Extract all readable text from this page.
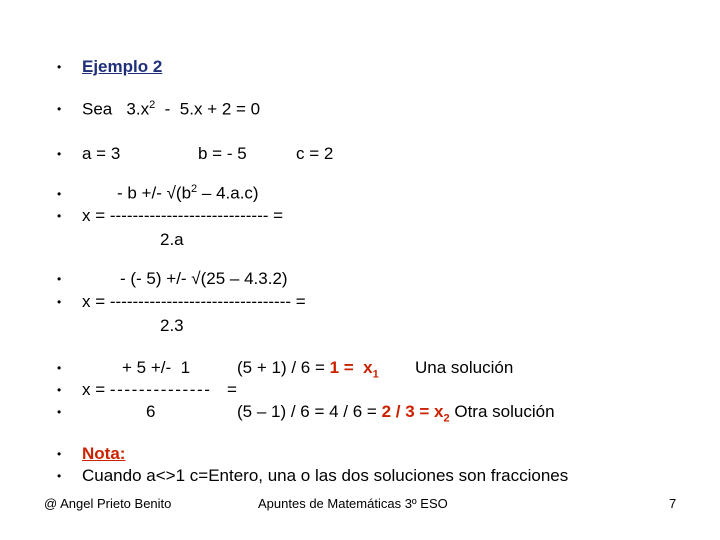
•
•
•
•
•
•
•
•
•
•
•
•
Ejemplo 2
Sea   $3.x^2 - 5.x + 2 = 0$
a = 3	b = - 5	c = 2
- b +/- $√(b^2 - 4.a.c)$
x = ---------------------------- =
2.a
- (- 5) +/- √(25 – 4.3.2)
x = -------------------------------- =
2.3
+ 5 +/-  1	$(5 + 1) / 6 = 1 = x_1$ Una solución
x = -------------- =
6	$(5 - 1) / 6 = 4 / 6 = 2 / 3 = x_2$ Otra solución
Nota:
Cuando a<>1 c=Entero, una o las dos soluciones son fracciones
@ Angel Prieto Benito	Apuntes de Matemáticas 3º ESO	7
